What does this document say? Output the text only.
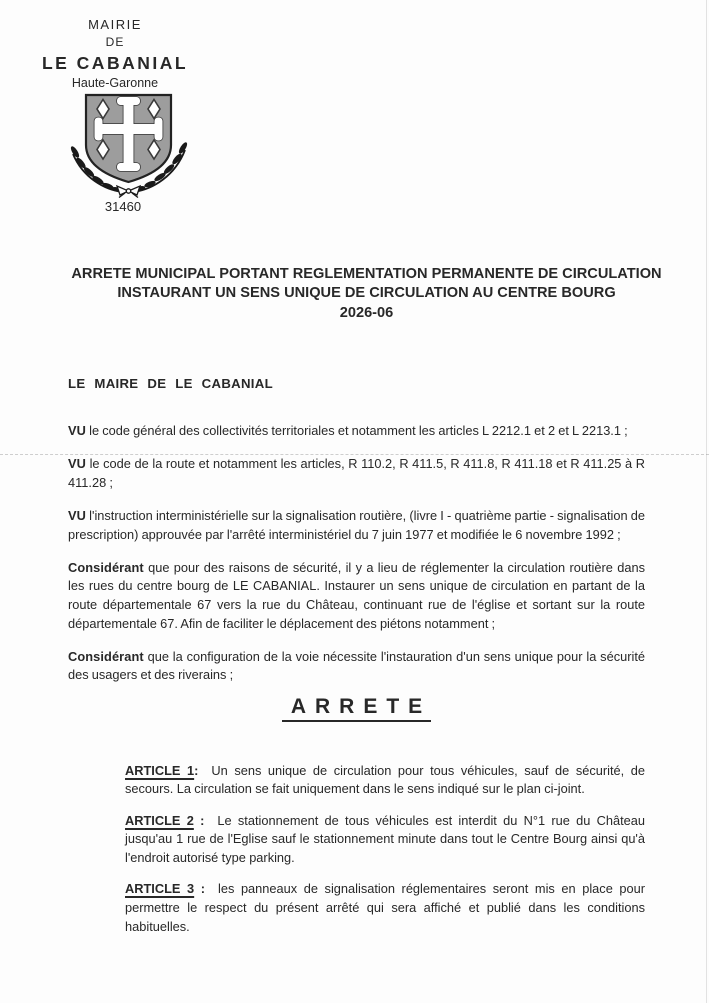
MAIRIE
DE
LE CABANIAL
Haute-Garonne
31460
ARRETE MUNICIPAL PORTANT REGLEMENTATION PERMANENTE DE CIRCULATION
INSTAURANT UN SENS UNIQUE DE CIRCULATION AU CENTRE BOURG
2026-06
LE MAIRE DE LE CABANIAL

VU le code général des collectivités territoriales et notamment les articles L 2212.1 et 2 et L 2213.1 ;

VU le code de la route et notamment les articles, R 110.2, R 411.5, R 411.8, R 411.18 et R 411.25 à R 411.28 ;

VU l'instruction interministérielle sur la signalisation routière, (livre I - quatrième partie - signalisation de prescription) approuvée par l'arrêté interministériel du 7 juin 1977 et modifiée le 6 novembre 1992 ;

Considérant que pour des raisons de sécurité, il y a lieu de réglementer la circulation routière dans les rues du centre bourg de LE CABANIAL. Instaurer un sens unique de circulation en partant de la route départementale 67 vers la rue du Château, continuant rue de l'église et sortant sur la route départementale 67. Afin de faciliter le déplacement des piétons notamment ;

Considérant que la configuration de la voie nécessite l'instauration d'un sens unique pour la sécurité des usagers et des riverains ;

ARRETE

ARTICLE 1: Un sens unique de circulation pour tous véhicules, sauf de sécurité, de secours. La circulation se fait uniquement dans le sens indiqué sur le plan ci-joint.

ARTICLE 2 : Le stationnement de tous véhicules est interdit du N°1 rue du Château jusqu'au 1 rue de l'Eglise sauf le stationnement minute dans tout le Centre Bourg ainsi qu'à l'endroit autorisé type parking.

ARTICLE 3 : les panneaux de signalisation réglementaires seront mis en place pour permettre le respect du présent arrêté qui sera affiché et publié dans les conditions habituelles.
